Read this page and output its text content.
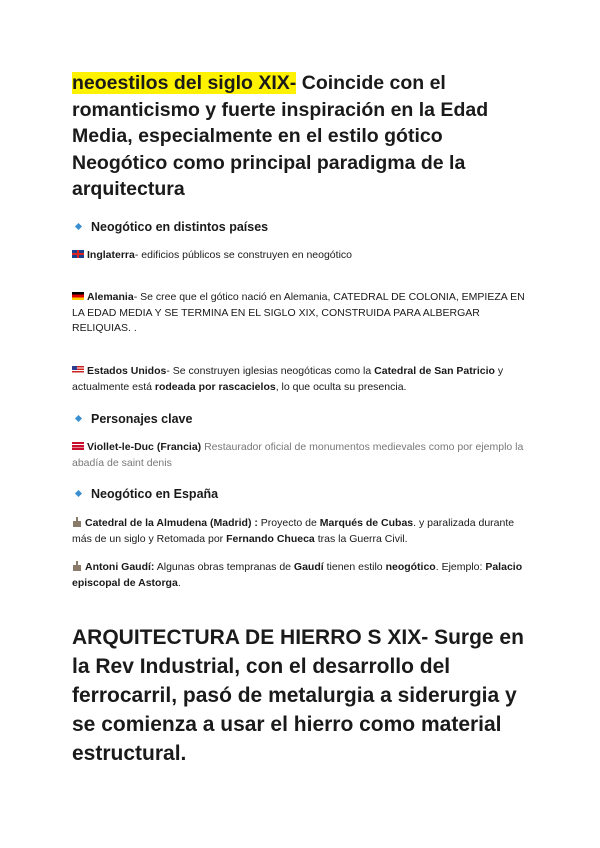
neoestilos del siglo XIX- Coincide con el romanticismo y fuerte inspiración en la Edad Media, especialmente en el estilo gótico Neogótico como principal paradigma de la arquitectura

Neogótico en distintos países

Inglaterra- edificios públicos se construyen en neogótico

Alemania- Se cree que el gótico nació en Alemania, CATEDRAL DE COLONIA, EMPIEZA EN LA EDAD MEDIA Y SE TERMINA EN EL SIGLO XIX, CONSTRUIDA PARA ALBERGAR RELIQUIAS. .

Estados Unidos- Se construyen iglesias neogóticas como la Catedral de San Patricio y actualmente está rodeada por rascacielos, lo que oculta su presencia.

Personajes clave

Viollet-le-Duc (Francia) Restaurador oficial de monumentos medievales como por ejemplo la abadía de saint denis

Neogótico en España

Catedral de la Almudena (Madrid) : Proyecto de Marqués de Cubas. y paralizada durante más de un siglo y Retomada por Fernando Chueca tras la Guerra Civil.

Antoni Gaudí: Algunas obras tempranas de Gaudí tienen estilo neogótico. Ejemplo: Palacio episcopal de Astorga.

ARQUITECTURA DE HIERRO S XIX- Surge en la Rev Industrial, con el desarrollo del ferrocarril, pasó de metalurgia a siderurgia y se comienza a usar el hierro como material estructural.
